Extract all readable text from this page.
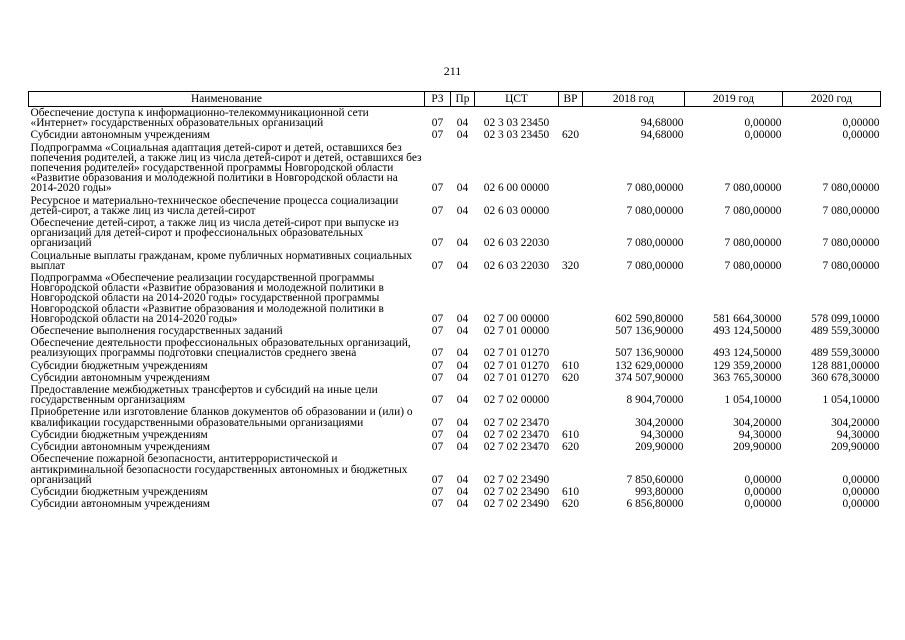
211
Наименование	РЗ	Пр	ЦСТ	ВР	2018 год	2019 год	2020 год
Обеспечение доступа к информационно-телекоммуникационной сети «Интернет» государственных образовательных организаций	07	04	02 3 03 23450		94,68000	0,00000	0,00000
Субсидии автономным учреждениям	07	04	02 3 03 23450	620	94,68000	0,00000	0,00000
Подпрограмма «Социальная адаптация детей-сирот и детей, оставшихся без попечения родителей, а также лиц из числа детей-сирот и детей, оставшихся без попечения родителей» государственной программы Новгородской области «Развитие образования и молодежной политики в Новгородской области на 2014-2020 годы»	07	04	02 6 00 00000		7 080,00000	7 080,00000	7 080,00000
Ресурсное и материально-техническое обеспечение процесса социализации детей-сирот, а также лиц из числа детей-сирот	07	04	02 6 03 00000		7 080,00000	7 080,00000	7 080,00000
Обеспечение детей-сирот, а также лиц из числа детей-сирот при выпуске из организаций для детей-сирот и профессиональных образовательных организаций	07	04	02 6 03 22030		7 080,00000	7 080,00000	7 080,00000
Социальные выплаты гражданам, кроме публичных нормативных социальных выплат	07	04	02 6 03 22030	320	7 080,00000	7 080,00000	7 080,00000
Подпрограмма «Обеспечение реализации государственной программы Новгородской области «Развитие образования и молодежной политики в Новгородской области на 2014-2020 годы» государственной программы Новгородской области «Развитие образования и молодежной политики в Новгородской области на 2014-2020 годы»	07	04	02 7 00 00000		602 590,80000	581 664,30000	578 099,10000
Обеспечение выполнения государственных заданий	07	04	02 7 01 00000		507 136,90000	493 124,50000	489 559,30000
Обеспечение деятельности профессиональных образовательных организаций, реализующих программы подготовки специалистов среднего звена	07	04	02 7 01 01270		507 136,90000	493 124,50000	489 559,30000
Субсидии бюджетным учреждениям	07	04	02 7 01 01270	610	132 629,00000	129 359,20000	128 881,00000
Субсидии автономным учреждениям	07	04	02 7 01 01270	620	374 507,90000	363 765,30000	360 678,30000
Предоставление межбюджетных трансфертов и субсидий на иные цели государственным организациям	07	04	02 7 02 00000		8 904,70000	1 054,10000	1 054,10000
Приобретение или изготовление бланков документов об образовании и (или) о квалификации государственными образовательными организациями	07	04	02 7 02 23470		304,20000	304,20000	304,20000
Субсидии бюджетным учреждениям	07	04	02 7 02 23470	610	94,30000	94,30000	94,30000
Субсидии автономным учреждениям	07	04	02 7 02 23470	620	209,90000	209,90000	209,90000
Обеспечение пожарной безопасности, антитеррористической и антикриминальной безопасности государственных автономных и бюджетных организаций	07	04	02 7 02 23490		7 850,60000	0,00000	0,00000
Субсидии бюджетным учреждениям	07	04	02 7 02 23490	610	993,80000	0,00000	0,00000
Субсидии автономным учреждениям	07	04	02 7 02 23490	620	6 856,80000	0,00000	0,00000
